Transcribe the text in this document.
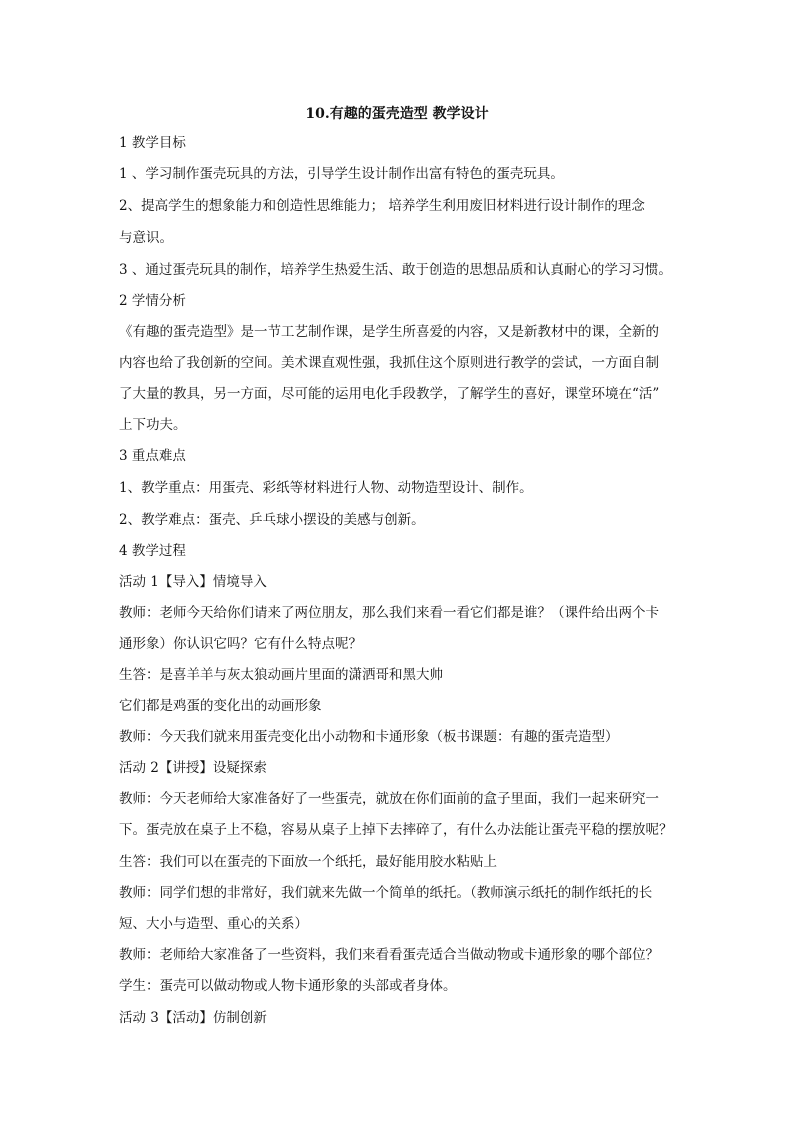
10.有趣的蛋壳造型 教学设计
1 教学目标
1 、学习制作蛋壳玩具的方法，引导学生设计制作出富有特色的蛋壳玩具。
2、提高学生的想象能力和创造性思维能力； 培养学生利用废旧材料进行设计制作的理念
与意识。
3 、通过蛋壳玩具的制作，培养学生热爱生活、敢于创造的思想品质和认真耐心的学习习惯。
2 学情分析
《有趣的蛋壳造型》是一节工艺制作课，是学生所喜爱的内容，又是新教材中的课，全新的
内容也给了我创新的空间。美术课直观性强，我抓住这个原则进行教学的尝试，一方面自制
了大量的教具，另一方面，尽可能的运用电化手段教学，了解学生的喜好，课堂环境在“活”
上下功夫。
3 重点难点
1、教学重点：用蛋壳、彩纸等材料进行人物、动物造型设计、制作。
2、教学难点：蛋壳、乒乓球小摆设的美感与创新。
4 教学过程
活动 1【导入】情境导入
教师：老师今天给你们请来了两位朋友，那么我们来看一看它们都是谁？（课件给出两个卡
通形象）你认识它吗？它有什么特点呢？
生答：是喜羊羊与灰太狼动画片里面的潇洒哥和黑大帅
它们都是鸡蛋的变化出的动画形象
教师：今天我们就来用蛋壳变化出小动物和卡通形象（板书课题：有趣的蛋壳造型）
活动 2【讲授】设疑探索
教师：今天老师给大家准备好了一些蛋壳，就放在你们面前的盒子里面，我们一起来研究一
下。蛋壳放在桌子上不稳，容易从桌子上掉下去摔碎了，有什么办法能让蛋壳平稳的摆放呢？
生答：我们可以在蛋壳的下面放一个纸托，最好能用胶水粘贴上
教师：同学们想的非常好，我们就来先做一个简单的纸托。（教师演示纸托的制作纸托的长
短、大小与造型、重心的关系）
教师：老师给大家准备了一些资料，我们来看看蛋壳适合当做动物或卡通形象的哪个部位？
学生：蛋壳可以做动物或人物卡通形象的头部或者身体。
活动 3【活动】仿制创新
